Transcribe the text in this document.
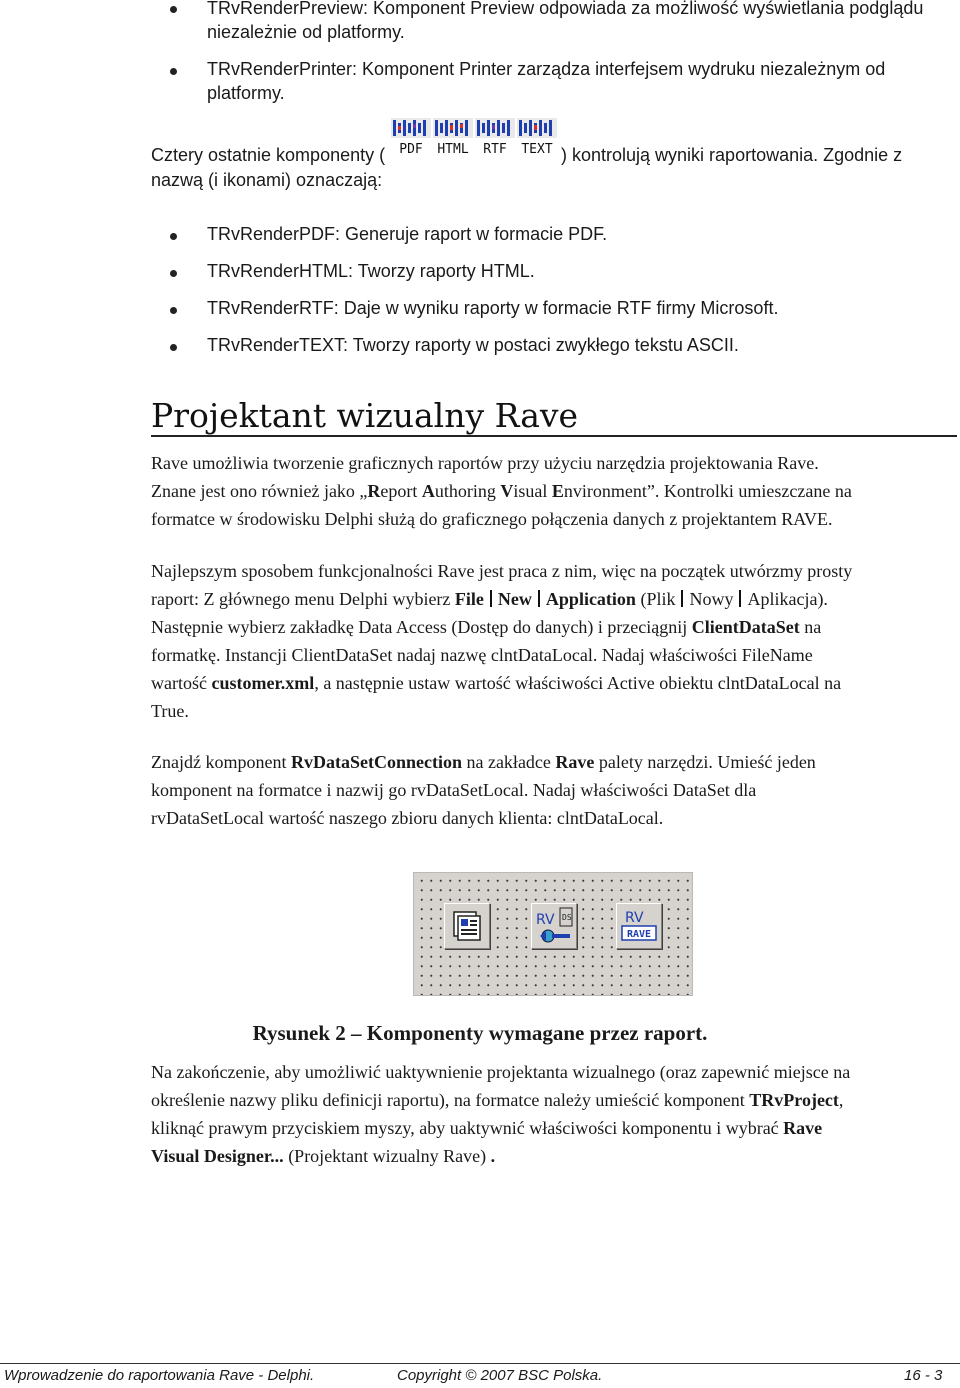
TRvRenderPreview: Komponent Preview odpowiada za możliwość wyświetlania podglądu
niezależnie od platformy.
TRvRenderPrinter: Komponent Printer zarządza interfejsem wydruku niezależnym od
platformy.
Cztery ostatnie komponenty ( PDF HTML RTF TEXT ) kontrolują wyniki raportowania. Zgodnie z
nazwą (i ikonami) oznaczają:
TRvRenderPDF: Generuje raport w formacie PDF.
TRvRenderHTML: Tworzy raporty HTML.
TRvRenderRTF: Daje w wyniku raporty w formacie RTF firmy Microsoft.
TRvRenderTEXT: Tworzy raporty w postaci zwykłego tekstu ASCII.
Projektant wizualny Rave
Rave umożliwia tworzenie graficznych raportów przy użyciu narzędzia projektowania Rave.
Znane jest ono również jako „Report Authoring Visual Environment”. Kontrolki umieszczane na
formatce w środowisku Delphi służą do graficznego połączenia danych z projektantem RAVE.
Najlepszym sposobem funkcjonalności Rave jest praca z nim, więc na początek utwórzmy prosty
raport: Z głównego menu Delphi wybierz File New Application (Plik Nowy Aplikacja).
Następnie wybierz zakładkę Data Access (Dostęp do danych) i przeciągnij ClientDataSet na
formatkę. Instancji ClientDataSet nadaj nazwę clntDataLocal. Nadaj właściwości FileName
wartość customer.xml, a następnie ustaw wartość właściwości Active obiektu clntDataLocal na
True.
Znajdź komponent RvDataSetConnection na zakładce Rave palety narzędzi. Umieść jeden
komponent na formatce i nazwij go rvDataSetLocal. Nadaj właściwości DataSet dla
rvDataSetLocal wartość naszego zbioru danych klienta: clntDataLocal.
RV DS	RV
RAVE
Rysunek 2 – Komponenty wymagane przez raport.
Na zakończenie, aby umożliwić uaktywnienie projektanta wizualnego (oraz zapewnić miejsce na
określenie nazwy pliku definicji raportu), na formatce należy umieścić komponent TRvProject,
kliknąć prawym przyciskiem myszy, aby uaktywnić właściwości komponentu i wybrać Rave
Visual Designer... (Projektant wizualny Rave) .
Wprowadzenie do raportowania Rave - Delphi.	Copyright © 2007 BSC Polska.	16 - 3
